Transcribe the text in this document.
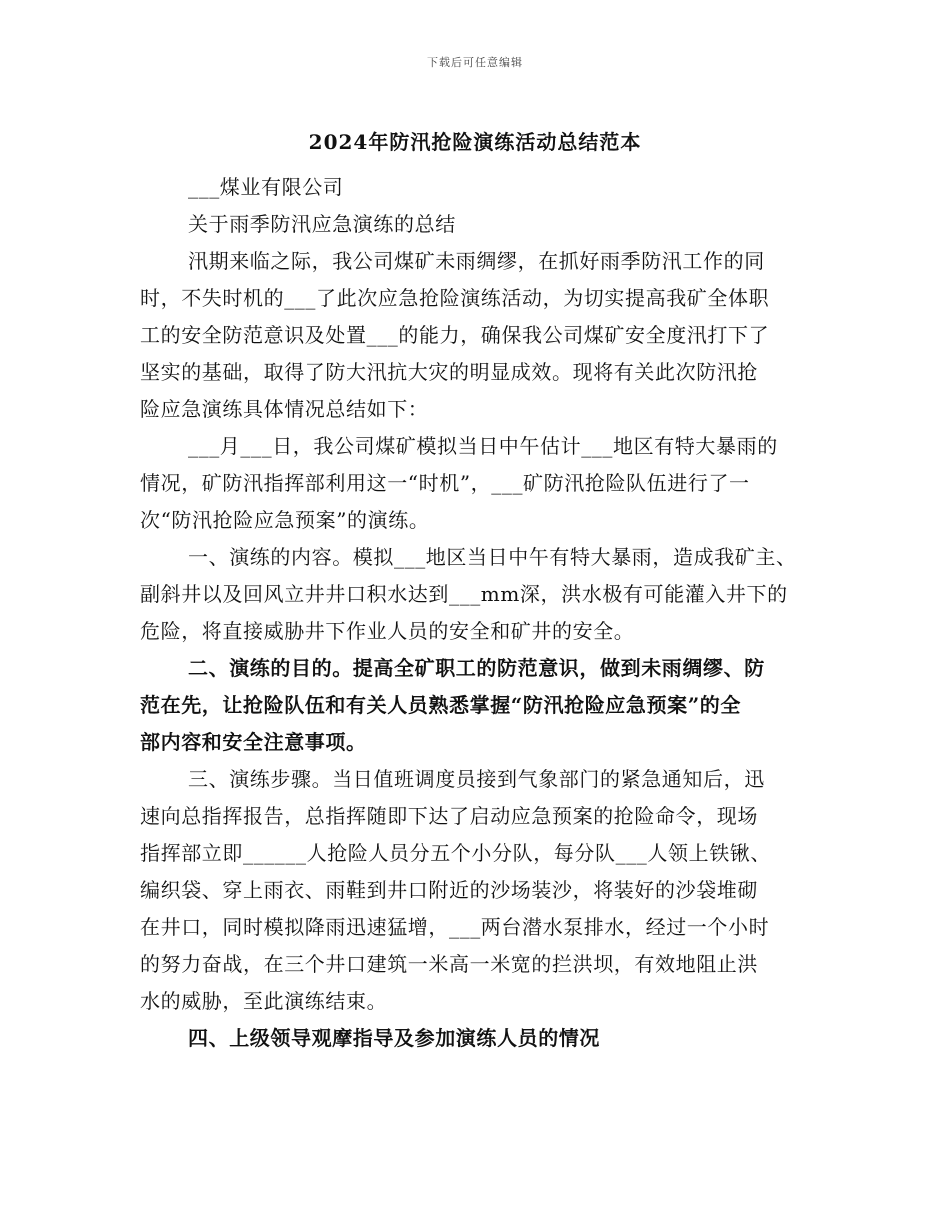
下载后可任意编辑
2024年防汛抢险演练活动总结范本
___煤业有限公司
关于雨季防汛应急演练的总结
汛期来临之际，我公司煤矿未雨绸缪，在抓好雨季防汛工作的同
时，不失时机的___了此次应急抢险演练活动，为切实提高我矿全体职
工的安全防范意识及处置___的能力，确保我公司煤矿安全度汛打下了
坚实的基础，取得了防大汛抗大灾的明显成效。现将有关此次防汛抢
险应急演练具体情况总结如下：
___月___日，我公司煤矿模拟当日中午估计___地区有特大暴雨的
情况，矿防汛指挥部利用这一“时机”，___矿防汛抢险队伍进行了一
次“防汛抢险应急预案”的演练。
一、演练的内容。模拟___地区当日中午有特大暴雨，造成我矿主、
副斜井以及回风立井井口积水达到___mm深，洪水极有可能灌入井下的
危险，将直接威胁井下作业人员的安全和矿井的安全。
二、演练的目的。提高全矿职工的防范意识，做到未雨绸缪、防
范在先，让抢险队伍和有关人员熟悉掌握“防汛抢险应急预案”的全
部内容和安全注意事项。
三、演练步骤。当日值班调度员接到气象部门的紧急通知后，迅
速向总指挥报告，总指挥随即下达了启动应急预案的抢险命令，现场
指挥部立即______人抢险人员分五个小分队，每分队___人领上铁锹、
编织袋、穿上雨衣、雨鞋到井口附近的沙场装沙，将装好的沙袋堆砌
在井口，同时模拟降雨迅速猛增，___两台潜水泵排水，经过一个小时
的努力奋战，在三个井口建筑一米高一米宽的拦洪坝，有效地阻止洪
水的威胁，至此演练结束。
四、上级领导观摩指导及参加演练人员的情况
